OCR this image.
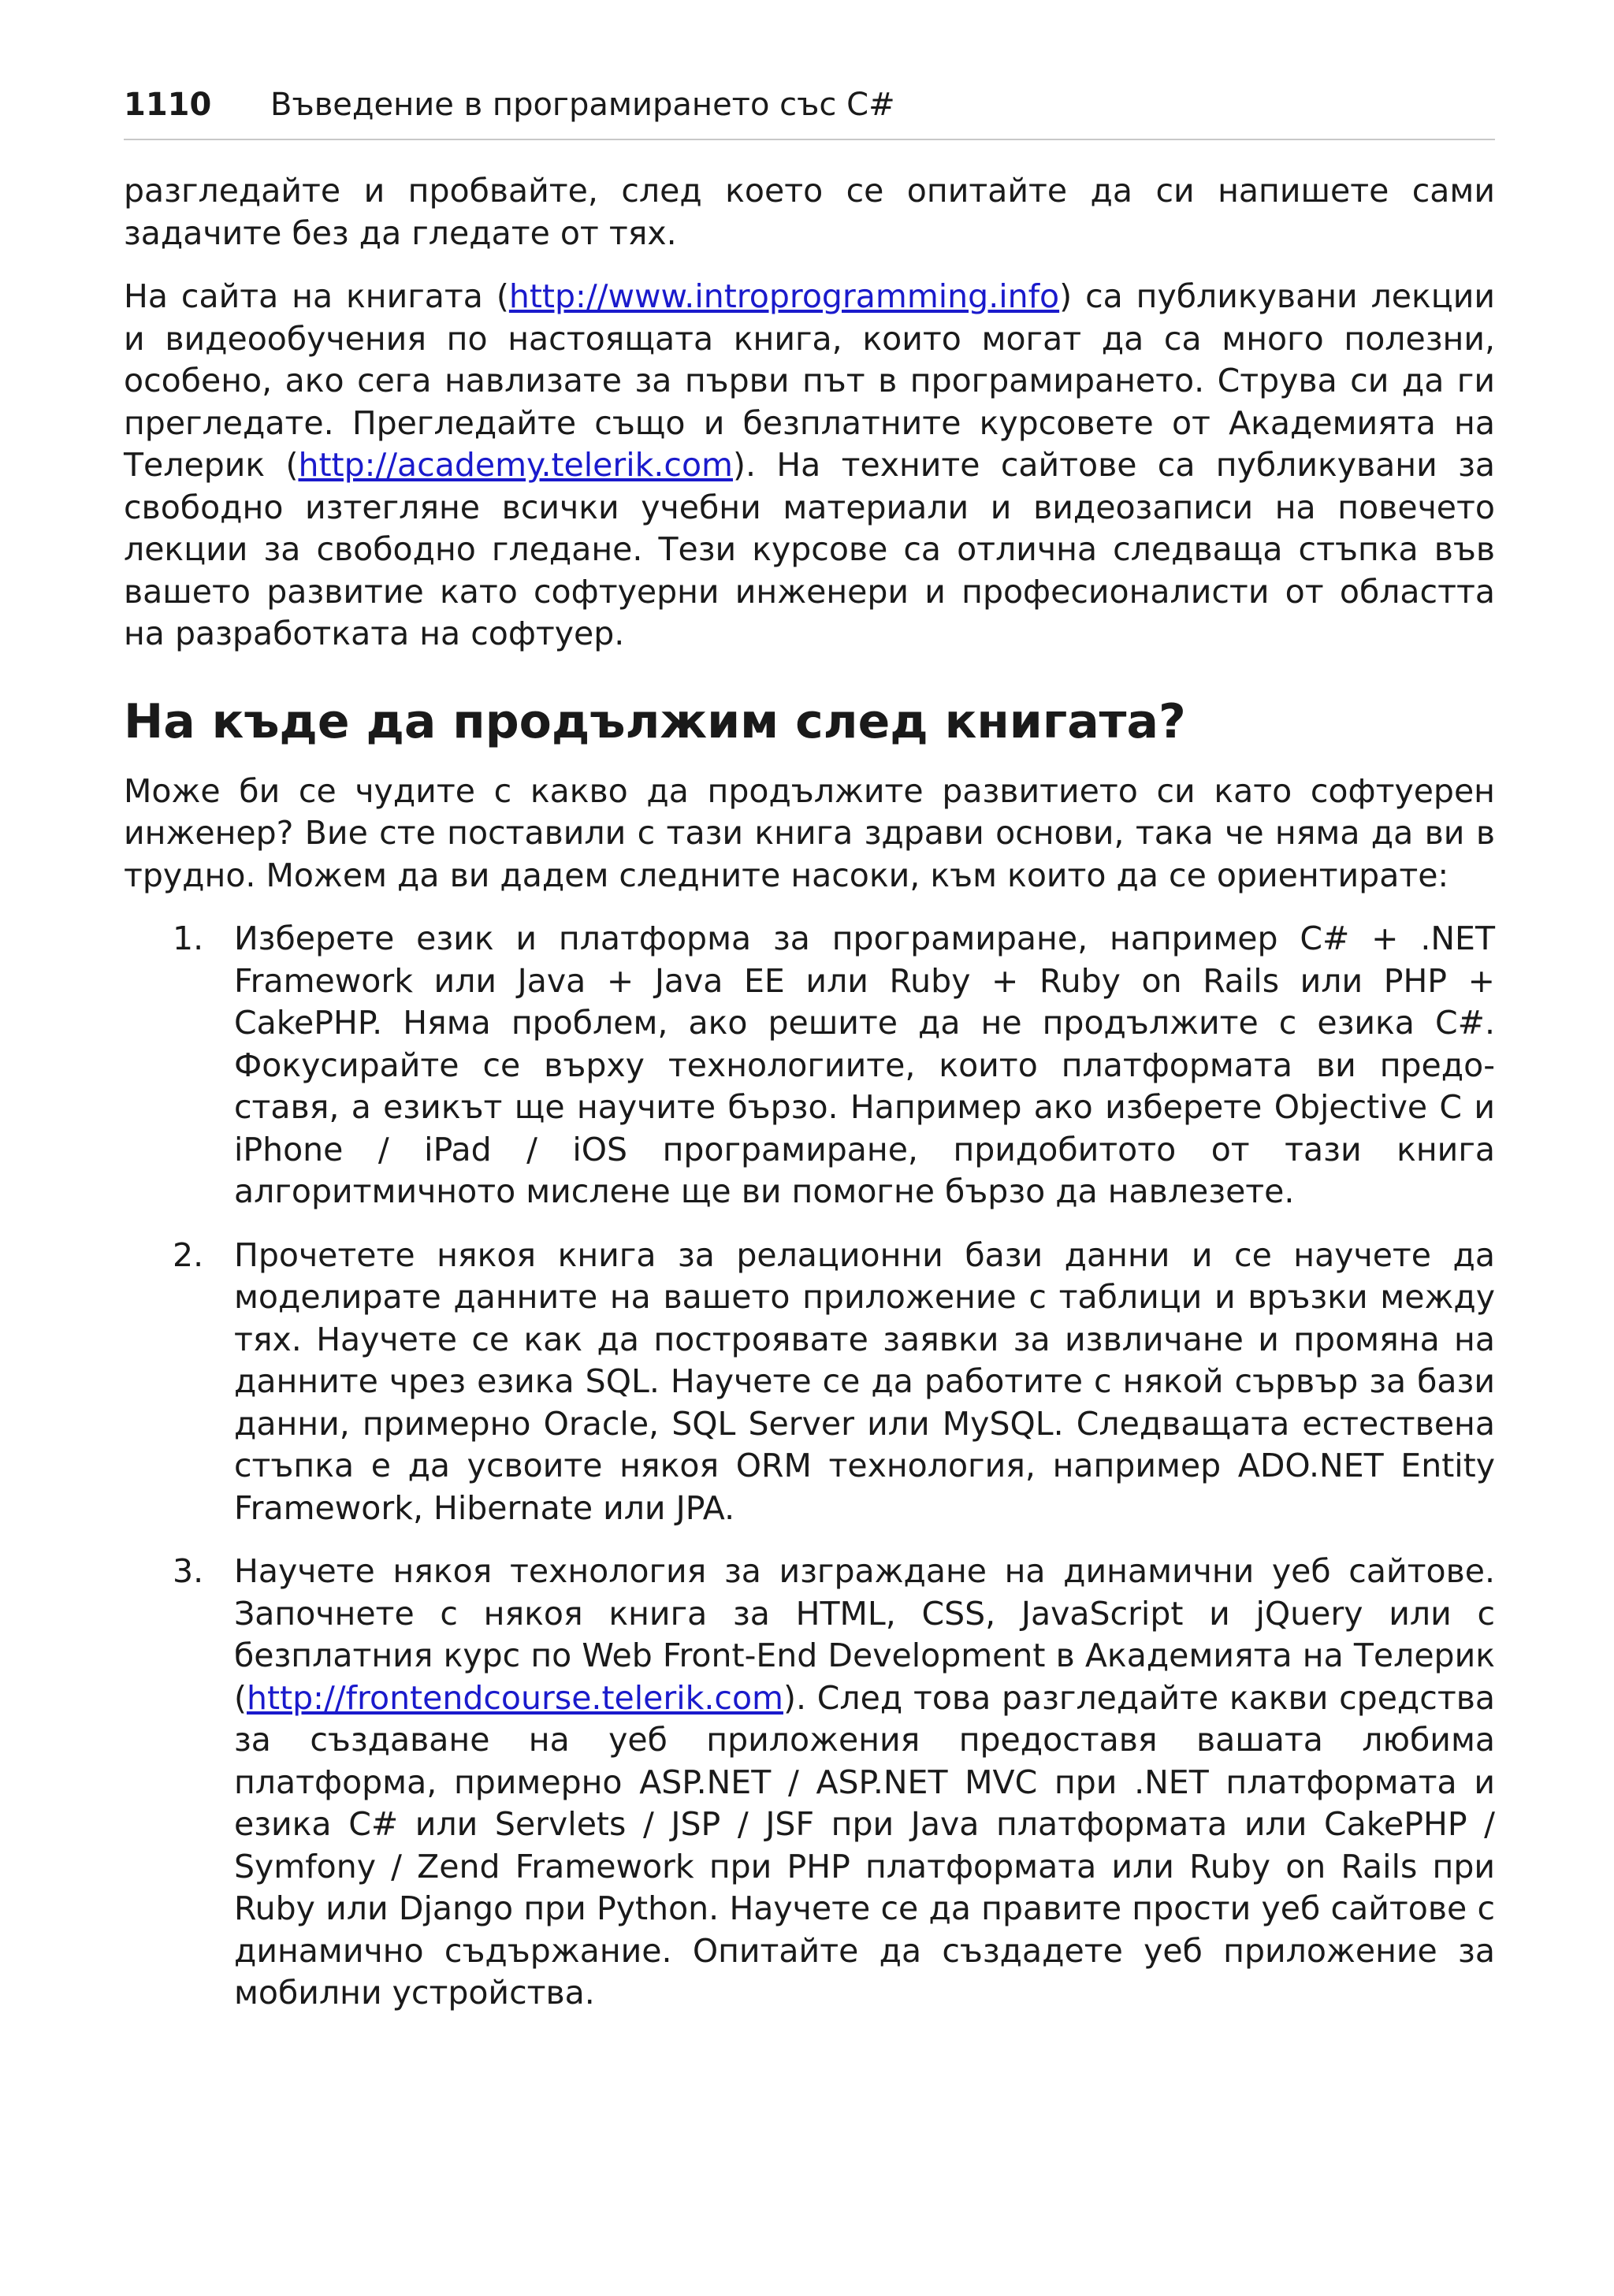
1110 Въведение в програмирането със C#

разгледайте и пробвайте, след което се опитайте да си напишете сами задачите без да гледате от тях.

На сайта на книгата (http://www.introprogramming.info) са публикувани лекции и видеообучения по настоящата книга, които могат да са много полезни, особено, ако сега навлизате за първи път в програмирането. Струва си да ги прегледате. Прегледайте също и безплатните курсовете от Академията на Телерик (http://academy.telerik.com). На техните сайтове са публикувани за свободно изтегляне всички учебни материали и видеозаписи на повечето лекции за свободно гледане. Тези курсове са отлична следваща стъпка във вашето развитие като софтуерни инженери и професионалисти от областта на разработката на софтуер.

На къде да продължим след книгата?

Може би се чудите с какво да продължите развитието си като софтуерен инженер? Вие сте поставили с тази книга здрави основи, така че няма да ви в трудно. Можем да ви дадем следните насоки, към които да се ориентирате:

1. Изберете език и платформа за програмиране, например C# + .NET Framework или Java + Java EE или Ruby + Ruby on Rails или PHP + CakePHP. Няма проблем, ако решите да не продължите с езика C#. Фокусирайте се върху технологиите, които платформата ви предоставя, а езикът ще научите бързо. Например ако изберете Objective C и iPhone / iPad / iOS програмиране, придобитото от тази книга алгоритмичното мислене ще ви помогне бързо да навлезете.

2. Прочетете някоя книга за релационни бази данни и се научете да моделирате данните на вашето приложение с таблици и връзки между тях. Научете се как да построявате заявки за извличане и промяна на данните чрез езика SQL. Научете се да работите с някой сървър за бази данни, примерно Oracle, SQL Server или MySQL. Следващата естествена стъпка е да усвоите някоя ORM технология, например ADO.NET Entity Framework, Hibernate или JPA.

3. Научете някоя технология за изграждане на динамични уеб сайтове. Започнете с някоя книга за HTML, CSS, JavaScript и jQuery или с безплатния курс по Web Front-End Development в Академията на Телерик (http://frontendcourse.telerik.com). След това разгледайте какви средства за създаване на уеб приложения предоставя вашата любима платформа, примерно ASP.NET / ASP.NET MVC при .NET платформата и езика C# или Servlets / JSP / JSF при Java платформата или CakePHP / Symfony / Zend Framework при PHP платформата или Ruby on Rails при Ruby или Django при Python. Научете се да правите прости уеб сайтове с динамично съдържание. Опитайте да създадете уеб приложение за мобилни устройства.
